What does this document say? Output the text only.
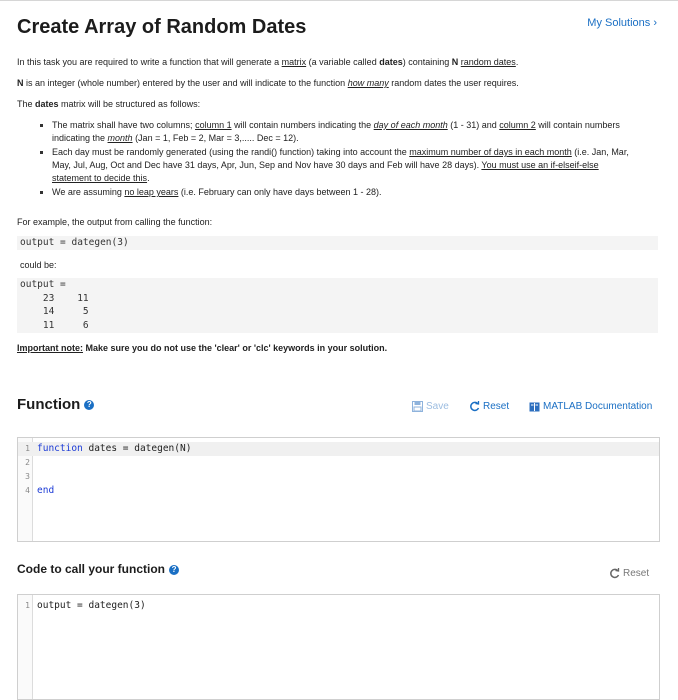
Create Array of Random Dates	My Solutions ›
In this task you are required to write a function that will generate a matrix (a variable called dates) containing N random dates.
N is an integer (whole number) entered by the user and will indicate to the function how many random dates the user requires.
The dates matrix will be structured as follows:
The matrix shall have two columns; column 1 will contain numbers indicating the day of each month (1 - 31) and column 2 will contain numbers indicating the month (Jan = 1, Feb = 2, Mar = 3,..... Dec = 12).
Each day must be randomly generated (using the randi() function) taking into account the maximum number of days in each month (i.e. Jan, Mar, May, Jul, Aug, Oct and Dec have 31 days, Apr, Jun, Sep and Nov have 30 days and Feb will have 28 days). You must use an if-elseif-else statement to decide this.
We are assuming no leap years (i.e. February can only have days between 1 - 28).
For example, the output from calling the function:
output = dategen(3)
could be:
output =
23    11
14     5
11     6
Important note: Make sure you do not use the 'clear' or 'clc' keywords in your solution.
Function ?	Save	Reset	MATLAB Documentation
1 function dates = dategen(N)
2
3
4 end
Code to call your function ?	Reset
1 output = dategen(3)
